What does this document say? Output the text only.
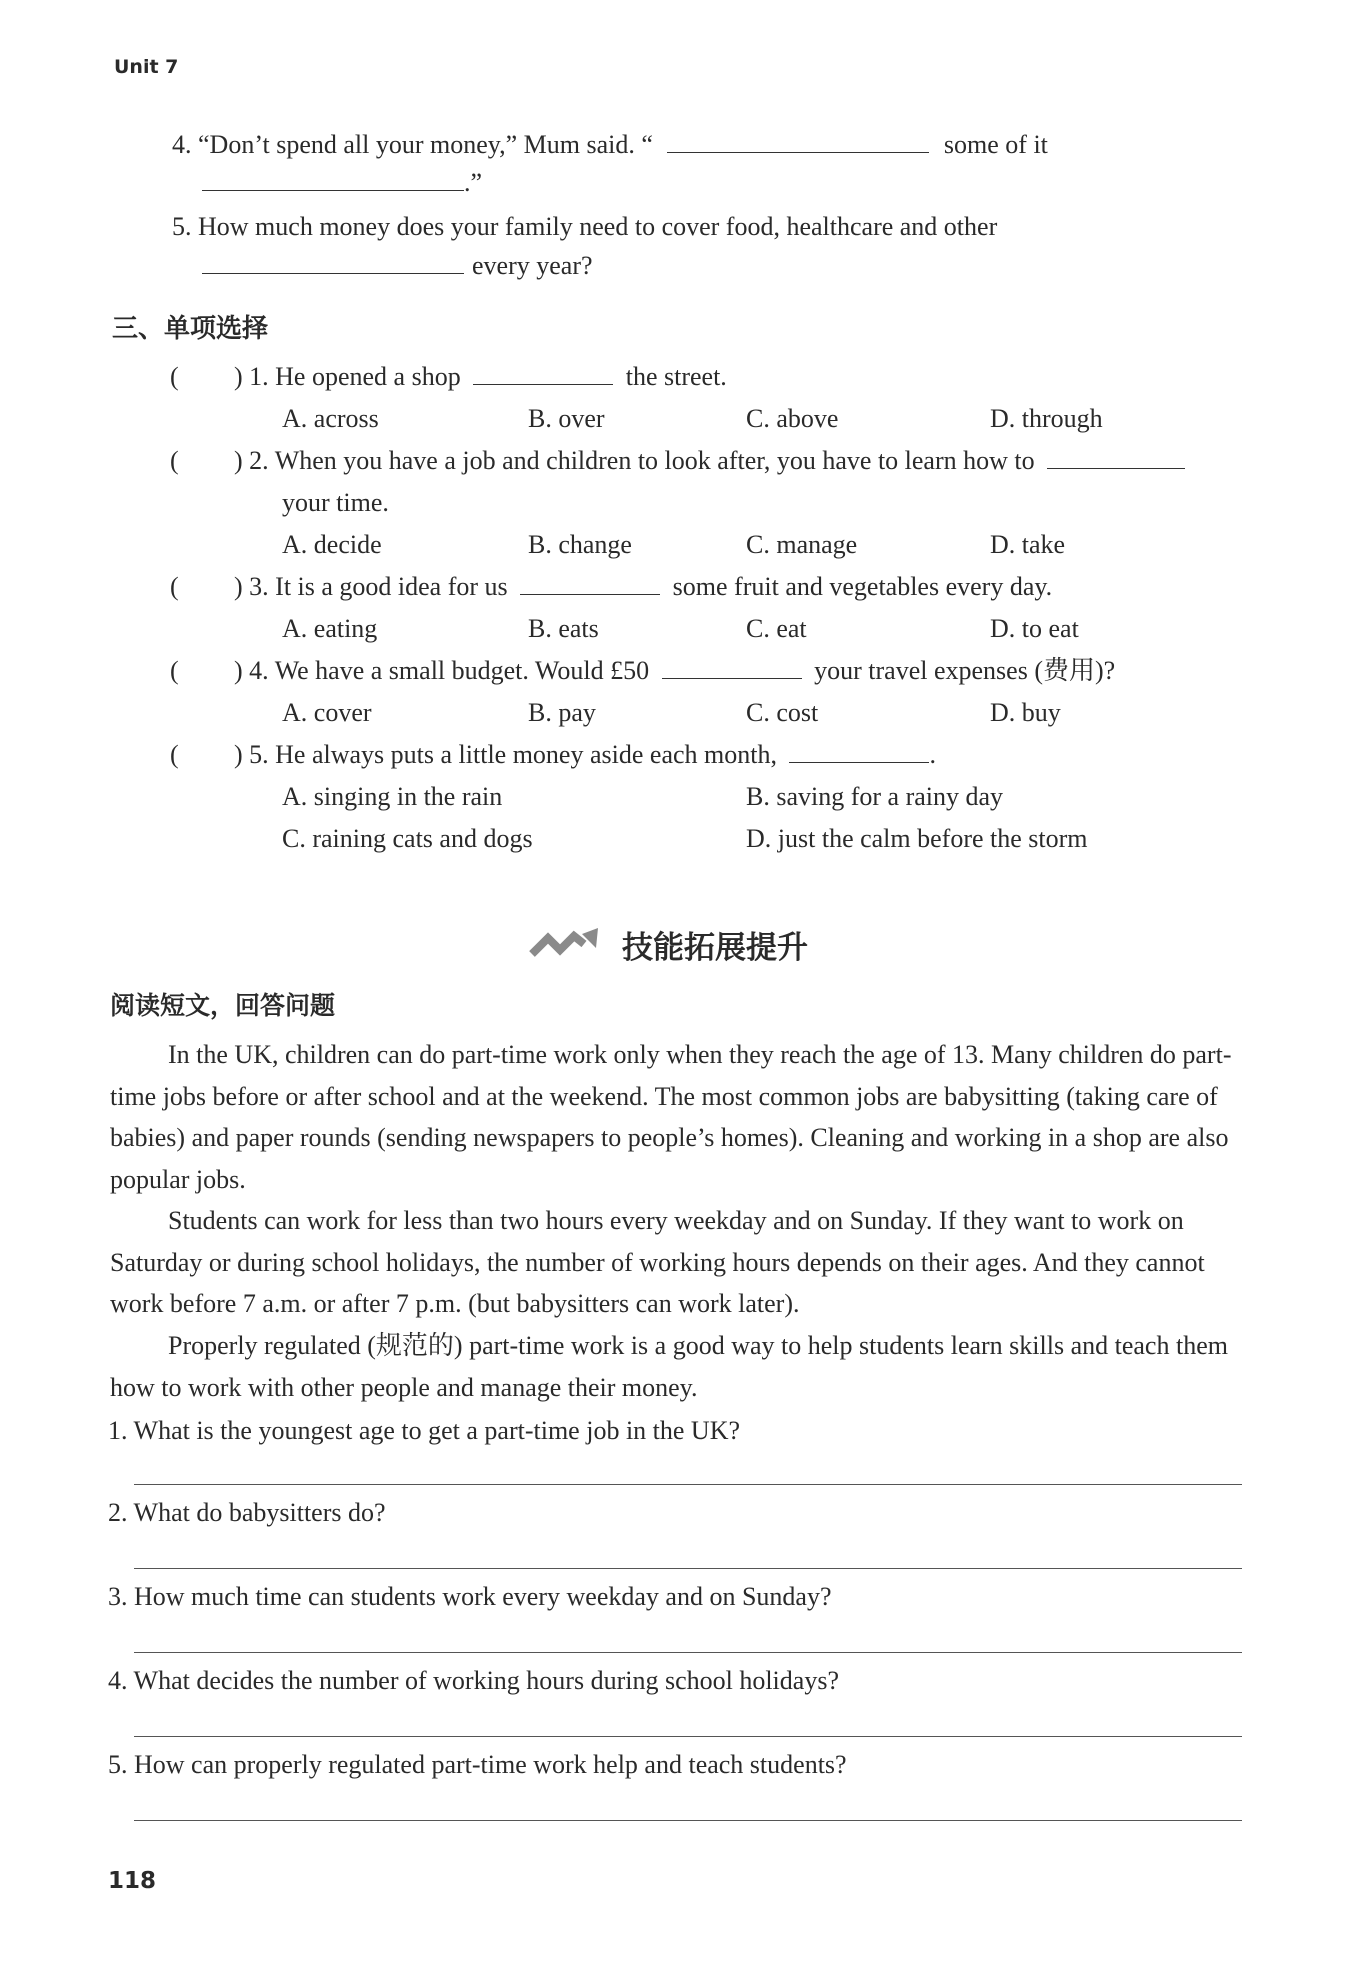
Unit 7
4. “Don’t spend all your money,” Mum said. “	some of it
.”
5. How much money does your family need to cover food, healthcare and other
every year?
三、单项选择
( ) 1. He opened a shop	the street.
A. across	B. over	C. above	D. through
( ) 2. When you have a job and children to look after, you have to learn how to
your time.
A. decide	B. change	C. manage	D. take
( ) 3. It is a good idea for us	some fruit and vegetables every day.
A. eating	B. eats	C. eat	D. to eat
( ) 4. We have a small budget. Would £50	your travel expenses (费用)?
A. cover	B. pay	C. cost	D. buy
( ) 5. He always puts a little money aside each month,	.
A. singing in the rain	B. saving for a rainy day
C. raining cats and dogs	D. just the calm before the storm
技能拓展提升
阅读短文，回答问题
In the UK, children can do part-time work only when they reach the age of 13. Many children do part-time jobs before or after school and at the weekend. The most common jobs are babysitting (taking care of babies) and paper rounds (sending newspapers to people’s homes). Cleaning and working in a shop are also popular jobs.
Students can work for less than two hours every weekday and on Sunday. If they want to work on Saturday or during school holidays, the number of working hours depends on their ages. And they cannot work before 7 a.m. or after 7 p.m. (but babysitters can work later).
Properly regulated (规范的) part-time work is a good way to help students learn skills and teach them how to work with other people and manage their money.
1. What is the youngest age to get a part-time job in the UK?
2. What do babysitters do?
3. How much time can students work every weekday and on Sunday?
4. What decides the number of working hours during school holidays?
5. How can properly regulated part-time work help and teach students?
118
